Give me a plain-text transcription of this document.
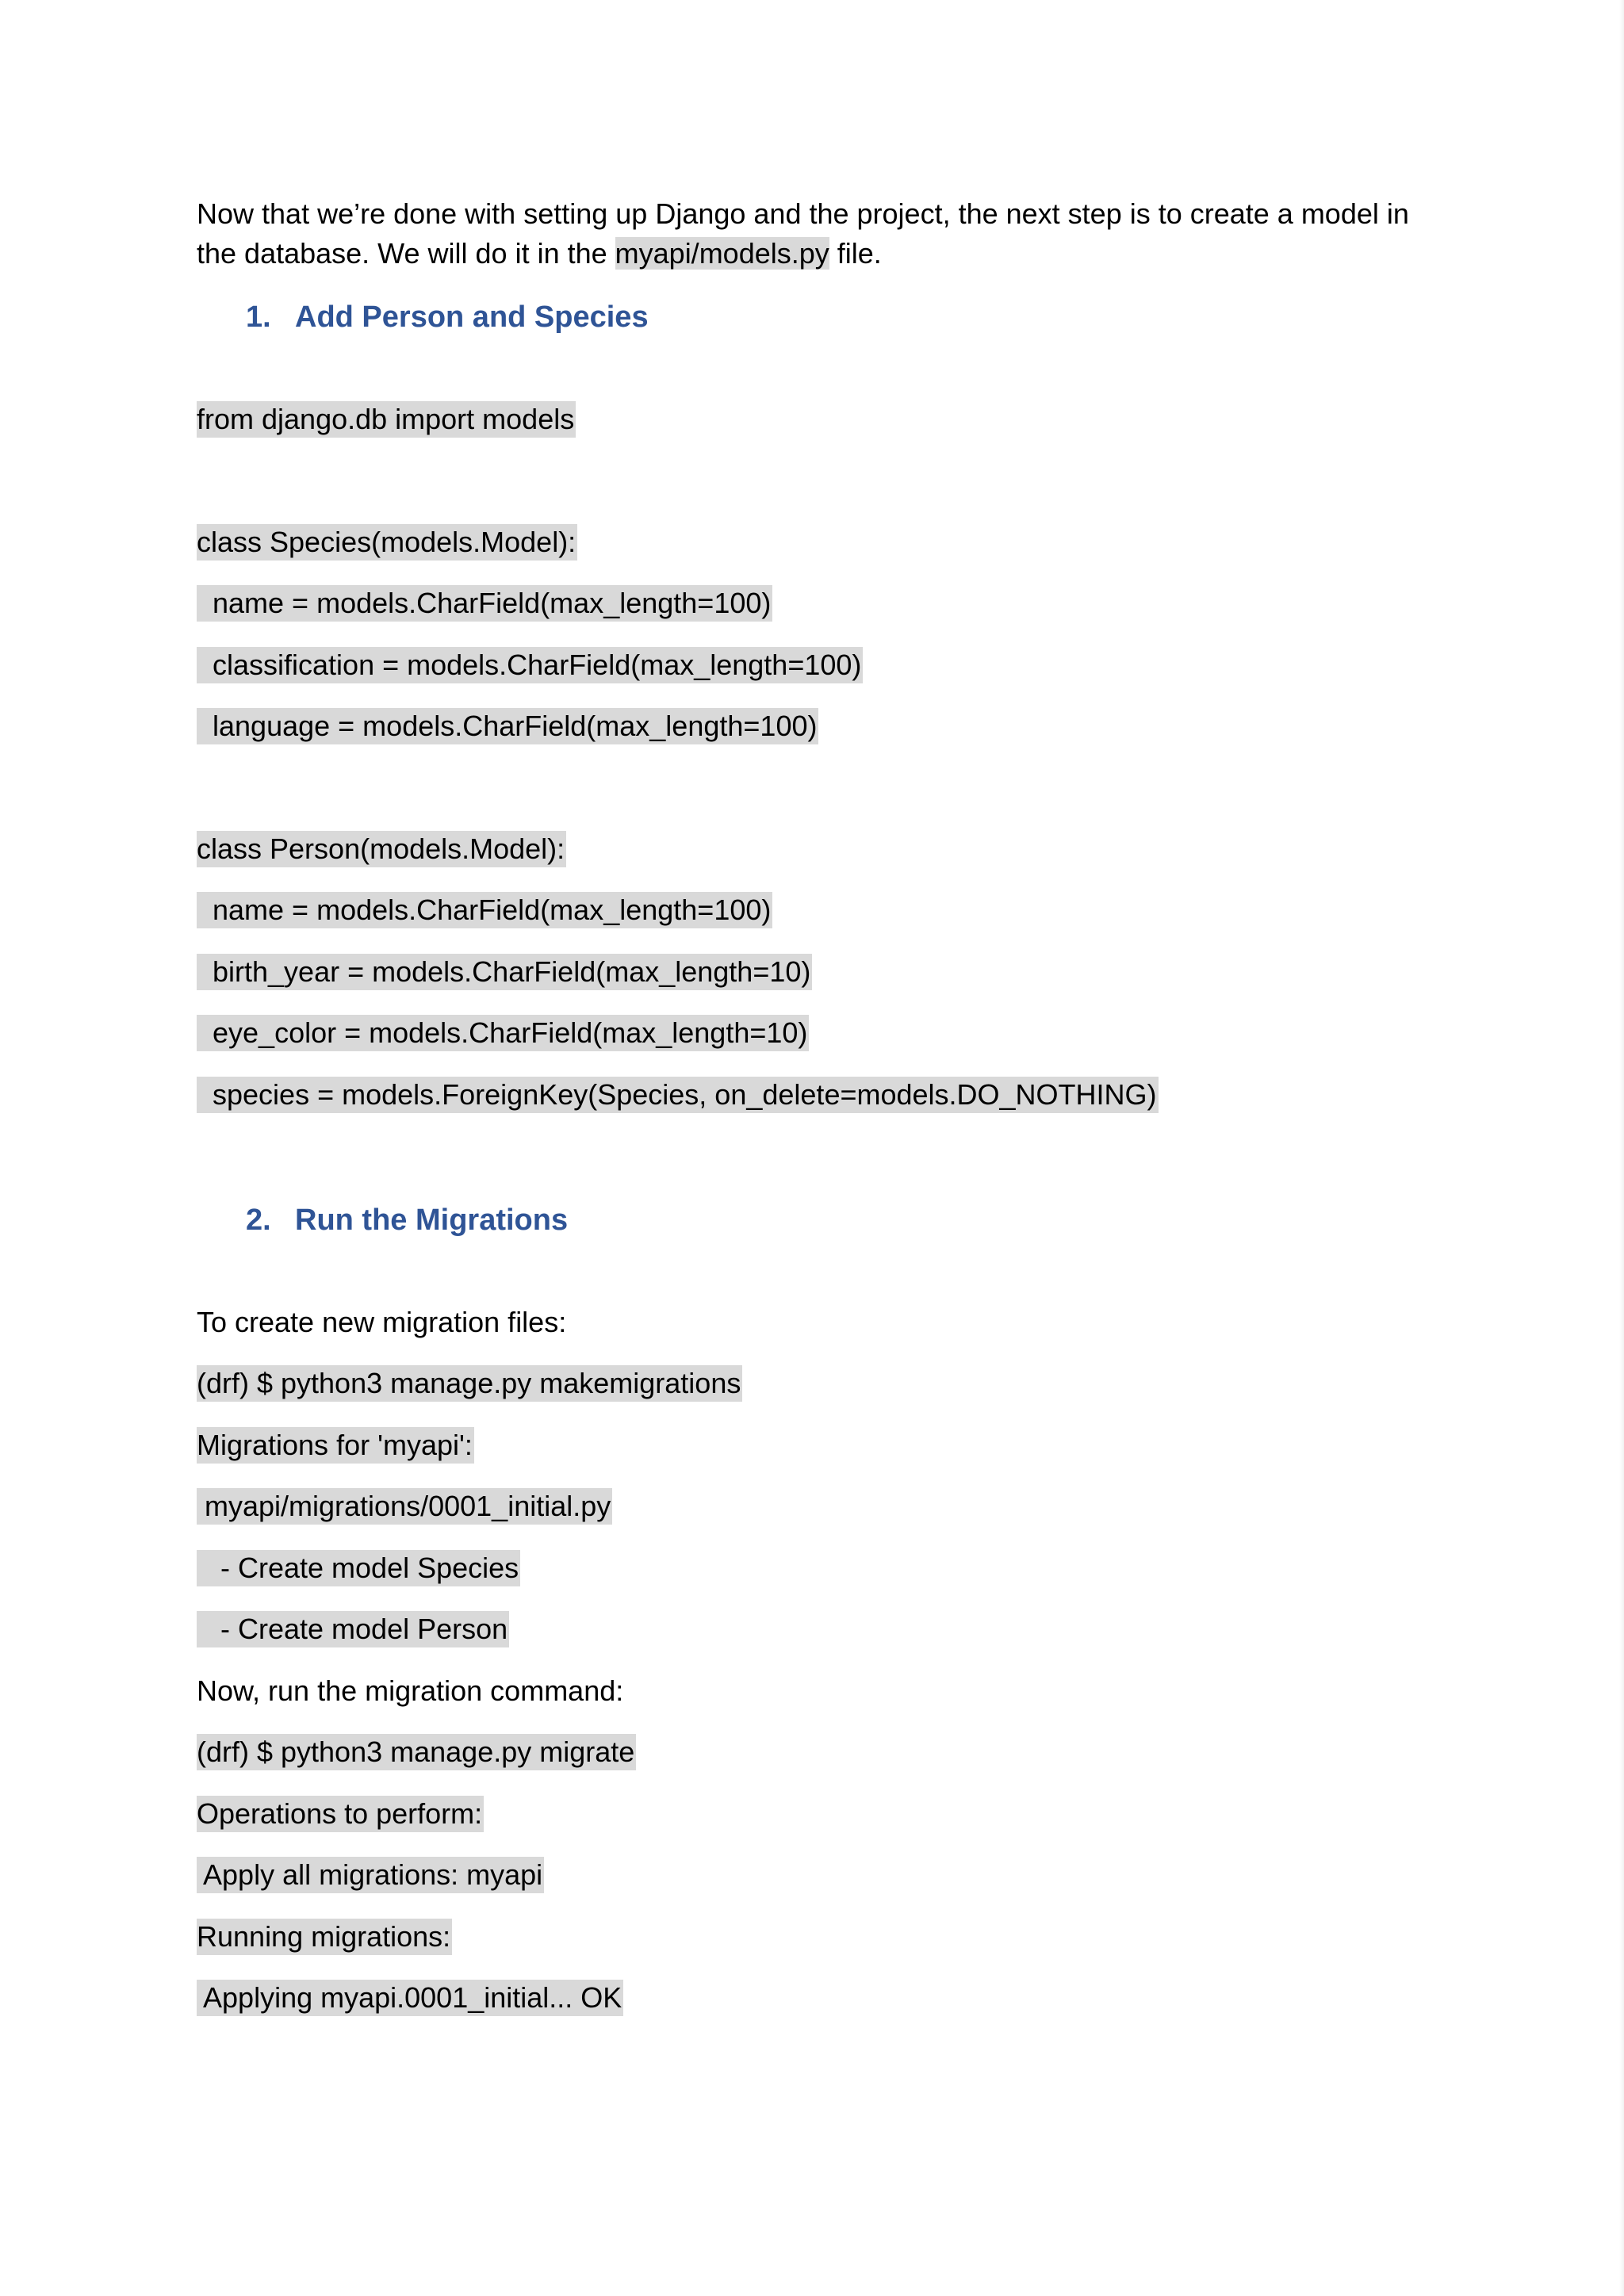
Now that we’re done with setting up Django and the project, the next step is to create a model in the database. We will do it in the myapi/models.py file.

1. Add Person and Species
from django.db import models
class Species(models.Model):
name = models.CharField(max_length=100)
classification = models.CharField(max_length=100)
language = models.CharField(max_length=100)
class Person(models.Model):
name = models.CharField(max_length=100)
birth_year = models.CharField(max_length=10)
eye_color = models.CharField(max_length=10)
species = models.ForeignKey(Species, on_delete=models.DO_NOTHING)
2. Run the Migrations
To create new migration files:
(drf) $ python3 manage.py makemigrations
Migrations for 'myapi':
myapi/migrations/0001_initial.py
- Create model Species
- Create model Person
Now, run the migration command:
(drf) $ python3 manage.py migrate
Operations to perform:
Apply all migrations: myapi
Running migrations:
Applying myapi.0001_initial... OK
